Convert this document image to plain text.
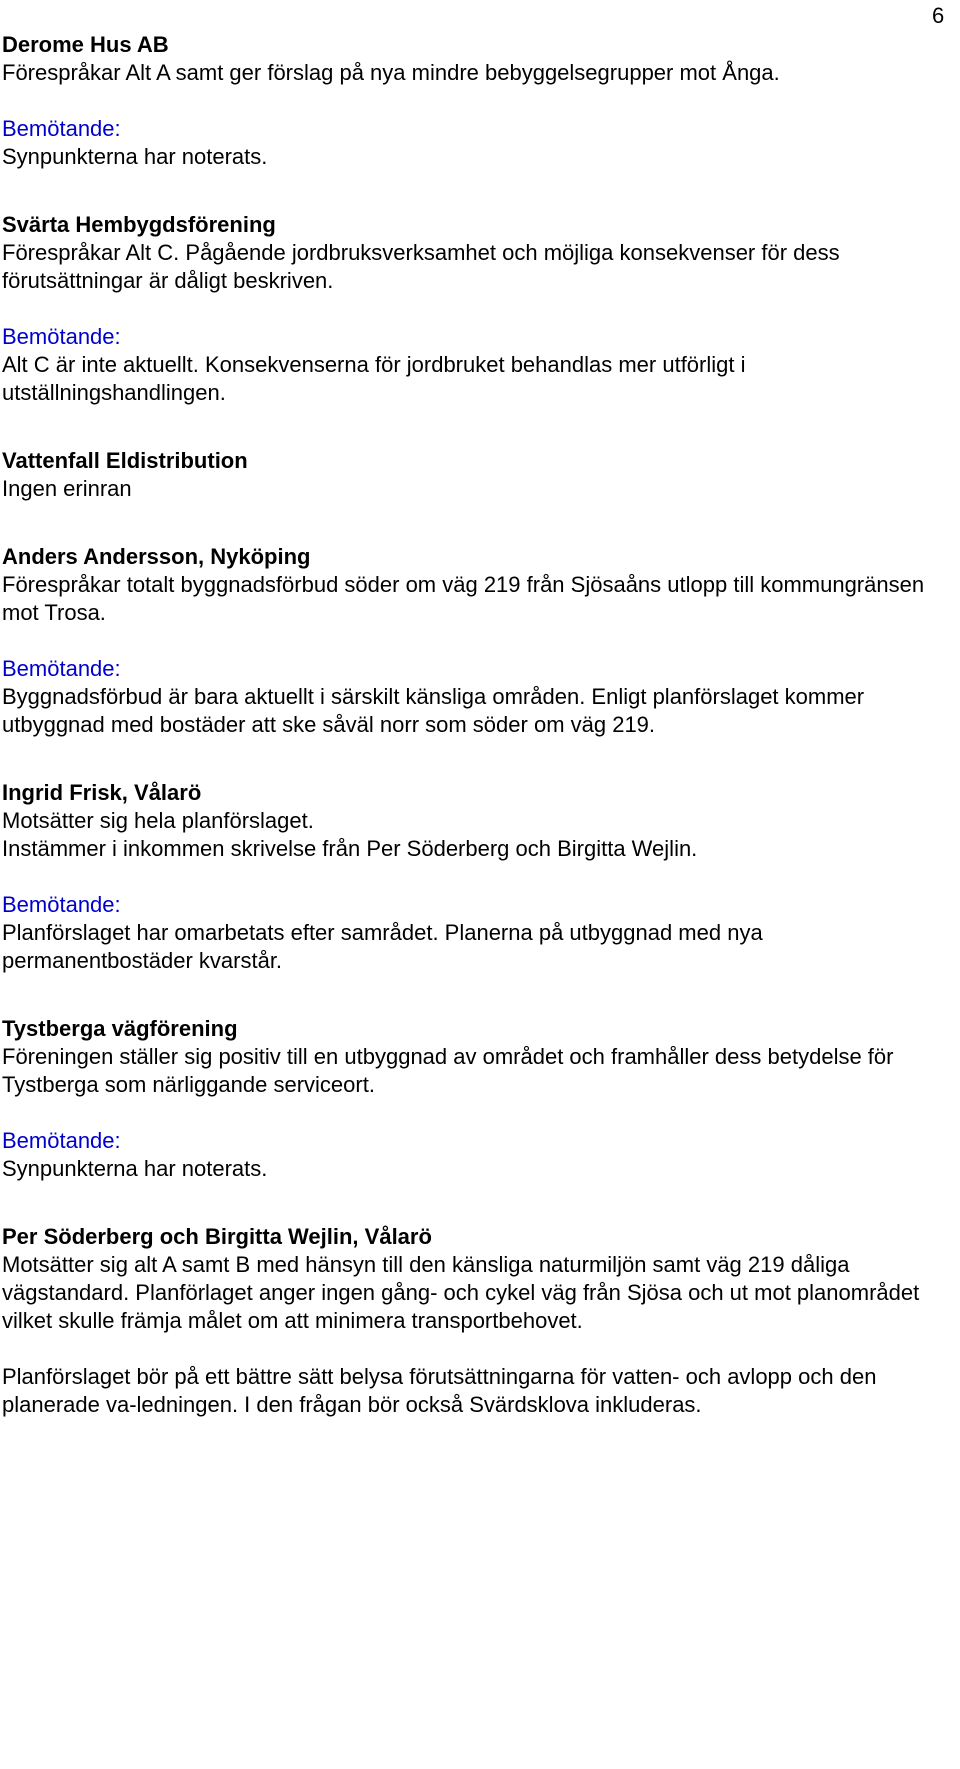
6
Derome Hus AB
Förespråkar Alt A samt ger förslag på nya mindre bebyggelsegrupper mot Ånga.
Bemötande:
Synpunkterna har noterats.
Svärta Hembygdsförening
Förespråkar Alt C. Pågående jordbruksverksamhet och möjliga konsekvenser för dess förutsättningar är dåligt beskriven.
Bemötande:
Alt C är inte aktuellt. Konsekvenserna för jordbruket behandlas mer utförligt i utställningshandlingen.
Vattenfall Eldistribution
Ingen erinran
Anders Andersson, Nyköping
Förespråkar totalt byggnadsförbud söder om väg 219 från Sjösaåns utlopp till kommungränsen mot Trosa.
Bemötande:
Byggnadsförbud är bara aktuellt i särskilt känsliga områden. Enligt planförslaget kommer utbyggnad med bostäder att ske såväl norr som söder om väg 219.
Ingrid Frisk, Vålarö
Motsätter sig hela planförslaget.
Instämmer i inkommen skrivelse från Per Söderberg och Birgitta Wejlin.
Bemötande:
Planförslaget har omarbetats efter samrådet. Planerna på utbyggnad med nya permanentbostäder kvarstår.
Tystberga vägförening
Föreningen ställer sig positiv till en utbyggnad av området och framhåller dess betydelse för Tystberga som närliggande serviceort.
Bemötande:
Synpunkterna har noterats.
Per Söderberg och Birgitta Wejlin, Vålarö
Motsätter sig alt A samt B med hänsyn till den känsliga naturmiljön samt väg 219 dåliga vägstandard. Planförlaget anger ingen gång- och cykel väg från Sjösa och ut mot planområdet vilket skulle främja målet om att minimera transportbehovet.
Planförslaget bör på ett bättre sätt belysa förutsättningarna för vatten- och avlopp och den planerade va-ledningen. I den frågan bör också Svärdsklova inkluderas.
